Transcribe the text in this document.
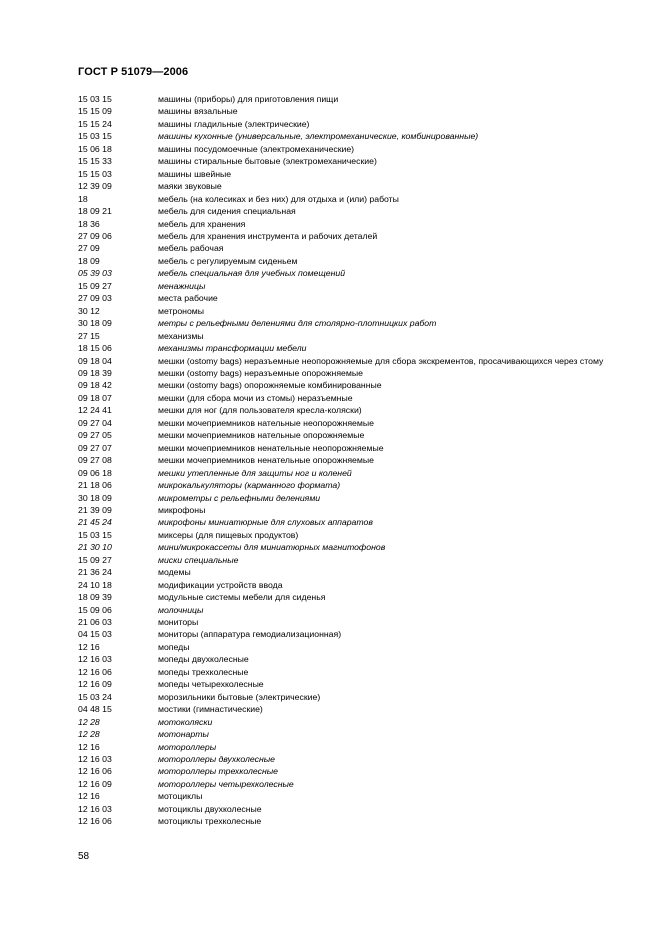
ГОСТ Р 51079—2006
15 03 15	машины (приборы) для приготовления пищи
15 15 09	машины вязальные
15 15 24	машины гладильные (электрические)
15 03 15	машины кухонные (универсальные, электромеханические, комбинированные)
15 06 18	машины посудомоечные (электромеханические)
15 15 33	машины стиральные бытовые (электромеханические)
15 15 03	машины швейные
12 39 09	маяки звуковые
18	мебель (на колесиках и без них) для отдыха и (или) работы
18 09 21	мебель для сидения специальная
18 36	мебель для хранения
27 09 06	мебель для хранения инструмента и рабочих деталей
27 09	мебель рабочая
18 09	мебель с регулируемым сиденьем
05 39 03	мебель специальная для учебных помещений
15 09 27	менажницы
27 09 03	места рабочие
30 12	метрономы
30 18 09	метры с рельефными делениями для столярно-плотницких работ
27 15	механизмы
18 15 06	механизмы трансформации мебели
09 18 04	мешки (ostomy bags) неразъемные неопорожняемые для сбора экскрементов, просачивающихся через стому
09 18 39	мешки (ostomy bags) неразъемные опорожняемые
09 18 42	мешки (ostomy bags) опорожняемые комбинированные
09 18 07	мешки (для сбора мочи из стомы) неразъемные
12 24 41	мешки для ног (для пользователя кресла-коляски)
09 27 04	мешки мочеприемников нательные неопорожняемые
09 27 05	мешки мочеприемников нательные опорожняемые
09 27 07	мешки мочеприемников ненательные неопорожняемые
09 27 08	мешки мочеприемников ненательные опорожняемые
09 06 18	мешки утепленные для защиты ног и коленей
21 18 06	микрокалькуляторы (карманного формата)
30 18 09	микрометры с рельефными делениями
21 39 09	микрофоны
21 45 24	микрофоны миниатюрные для слуховых аппаратов
15 03 15	миксеры (для пищевых продуктов)
21 30 10	мини/микрокассеты для миниатюрных магнитофонов
15 09 27	миски специальные
21 36 24	модемы
24 10 18	модификации устройств ввода
18 09 39	модульные системы мебели для сиденья
15 09 06	молочницы
21 06 03	мониторы
04 15 03	мониторы (аппаратура гемодиализационная)
12 16	мопеды
12 16 03	мопеды двухколесные
12 16 06	мопеды трехколесные
12 16 09	мопеды четырехколесные
15 03 24	морозильники бытовые (электрические)
04 48 15	мостики (гимнастические)
12 28	мотоколяски
12 28	мотонарты
12 16	мотороллеры
12 16 03	мотороллеры двухколесные
12 16 06	мотороллеры трехколесные
12 16 09	мотороллеры четырехколесные
12 16	мотоциклы
12 16 03	мотоциклы двухколесные
12 16 06	мотоциклы трехколесные
58
